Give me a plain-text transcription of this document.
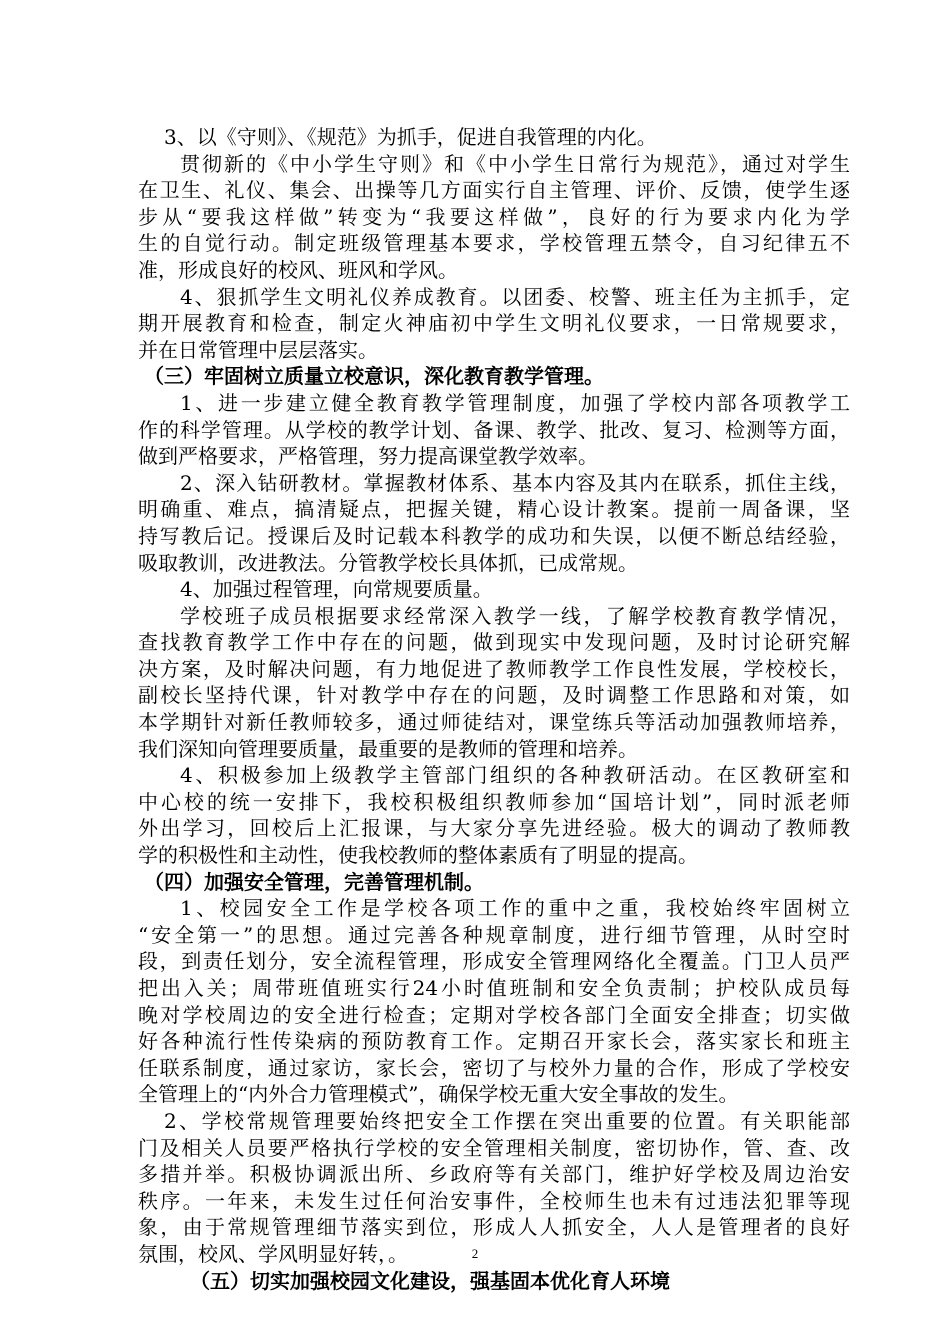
3、以《守则》、《规范》为抓手，促进自我管理的内化。
贯彻新的《中小学生守则》和《中小学生日常行为规范》，通过对学生
在卫生、礼仪、集会、出操等几方面实行自主管理、评价、反馈，使学生逐
步从“要我这样做”转变为“我要这样做”，良好的行为要求内化为学
生的自觉行动。制定班级管理基本要求，学校管理五禁令，自习纪律五不
准，形成良好的校风、班风和学风。
4、狠抓学生文明礼仪养成教育。以团委、校警、班主任为主抓手，定
期开展教育和检查，制定火神庙初中学生文明礼仪要求，一日常规要求，
并在日常管理中层层落实。
（三）牢固树立质量立校意识，深化教育教学管理。
1、进一步建立健全教育教学管理制度，加强了学校内部各项教学工
作的科学管理。从学校的教学计划、备课、教学、批改、复习、检测等方面，
做到严格要求，严格管理，努力提高课堂教学效率。
2、深入钻研教材。掌握教材体系、基本内容及其内在联系，抓住主线，
明确重、难点，搞清疑点，把握关键，精心设计教案。提前一周备课，坚
持写教后记。授课后及时记载本科教学的成功和失误，以便不断总结经验，
吸取教训，改进教法。分管教学校长具体抓，已成常规。
4、加强过程管理，向常规要质量。
学校班子成员根据要求经常深入教学一线，了解学校教育教学情况，
查找教育教学工作中存在的问题，做到现实中发现问题，及时讨论研究解
决方案，及时解决问题，有力地促进了教师教学工作良性发展，学校校长，
副校长坚持代课，针对教学中存在的问题，及时调整工作思路和对策，如
本学期针对新任教师较多，通过师徒结对，课堂练兵等活动加强教师培养，
我们深知向管理要质量，最重要的是教师的管理和培养。
4、积极参加上级教学主管部门组织的各种教研活动。在区教研室和
中心校的统一安排下，我校积极组织教师参加“国培计划”，同时派老师
外出学习，回校后上汇报课，与大家分享先进经验。极大的调动了教师教
学的积极性和主动性，使我校教师的整体素质有了明显的提高。
（四）加强安全管理，完善管理机制。
1、校园安全工作是学校各项工作的重中之重，我校始终牢固树立
“安全第一”的思想。通过完善各种规章制度，进行细节管理，从时空时
段，到责任划分，安全流程管理，形成安全管理网络化全覆盖。门卫人员严
把出入关；周带班值班实行24小时值班制和安全负责制；护校队成员每
晚对学校周边的安全进行检查；定期对学校各部门全面安全排查；切实做
好各种流行性传染病的预防教育工作。定期召开家长会，落实家长和班主
任联系制度，通过家访，家长会，密切了与校外力量的合作，形成了学校安
全管理上的“内外合力管理模式”，确保学校无重大安全事故的发生。
2、学校常规管理要始终把安全工作摆在突出重要的位置。有关职能部
门及相关人员要严格执行学校的安全管理相关制度，密切协作，管、查、改
多措并举。积极协调派出所、乡政府等有关部门，维护好学校及周边治安
秩序。一年来，未发生过任何治安事件，全校师生也未有过违法犯罪等现
象，由于常规管理细节落实到位，形成人人抓安全，人人是管理者的良好
氛围，校风、学风明显好转，。
（五）切实加强校园文化建设，强基固本优化育人环境
2
